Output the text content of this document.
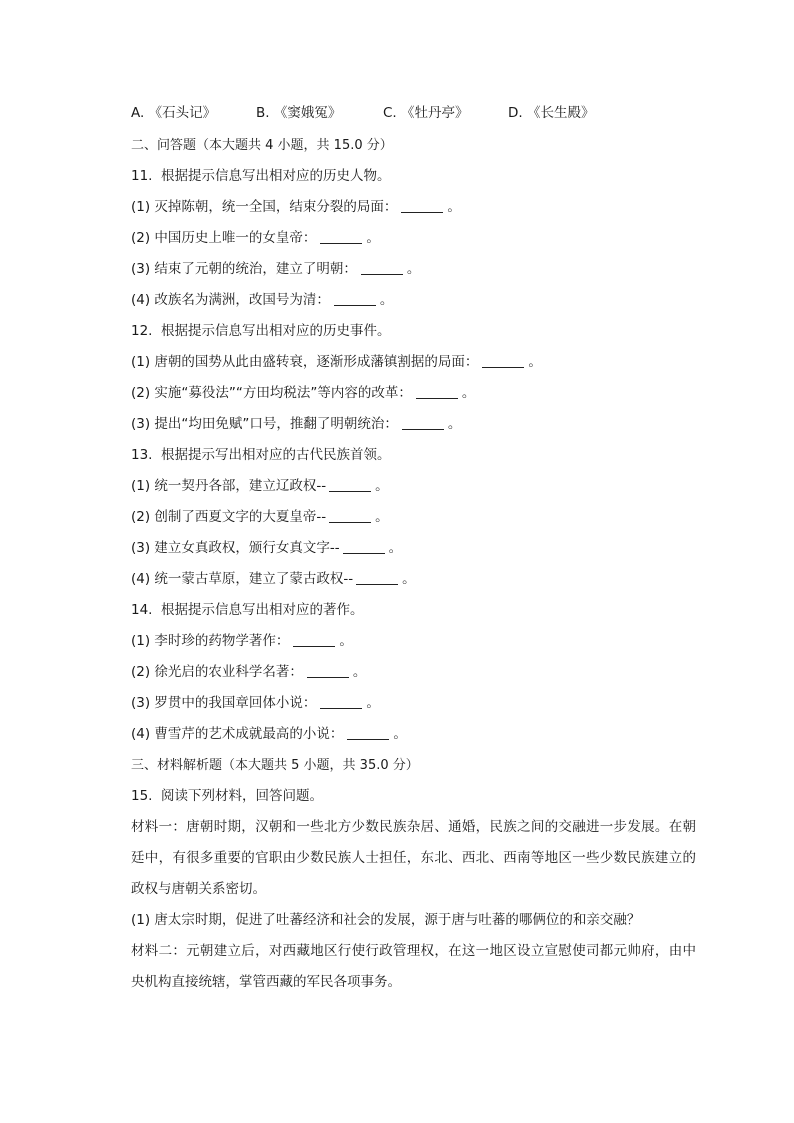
A. 《石头记》	B. 《窦娥冤》	C. 《牡丹亭》	D. 《长生殿》
二、问答题（本大题共 4 小题，共 15.0 分）
11. 根据提示信息写出相对应的历史人物。
(1) 灭掉陈朝，统一全国，结束分裂的局面：	。
(2) 中国历史上唯一的女皇帝：	。
(3) 结束了元朝的统治，建立了明朝：	。
(4) 改族名为满洲，改国号为清：	。
12. 根据提示信息写出相对应的历史事件。
(1) 唐朝的国势从此由盛转衰，逐渐形成藩镇割据的局面：	。
(2) 实施“募役法”“方田均税法”等内容的改革：	。
(3) 提出“均田免赋”口号，推翻了明朝统治：	。
13. 根据提示写出相对应的古代民族首领。
(1) 统一契丹各部，建立辽政权--	。
(2) 创制了西夏文字的大夏皇帝--	。
(3) 建立女真政权，颁行女真文字--	。
(4) 统一蒙古草原，建立了蒙古政权--	。
14. 根据提示信息写出相对应的著作。
(1) 李时珍的药物学著作：	。
(2) 徐光启的农业科学名著：	。
(3) 罗贯中的我国章回体小说：	。
(4) 曹雪芹的艺术成就最高的小说：	。
三、材料解析题（本大题共 5 小题，共 35.0 分）
15. 阅读下列材料，回答问题。
材料一：唐朝时期，汉朝和一些北方少数民族杂居、通婚，民族之间的交融进一步发展。在朝廷中，有很多重要的官职由少数民族人士担任，东北、西北、西南等地区一些少数民族建立的政权与唐朝关系密切。
(1) 唐太宗时期，促进了吐蕃经济和社会的发展，源于唐与吐蕃的哪俩位的和亲交融？
材料二：元朝建立后，对西藏地区行使行政管理权，在这一地区设立宣慰使司都元帅府，由中央机构直接统辖，掌管西藏的军民各项事务。
